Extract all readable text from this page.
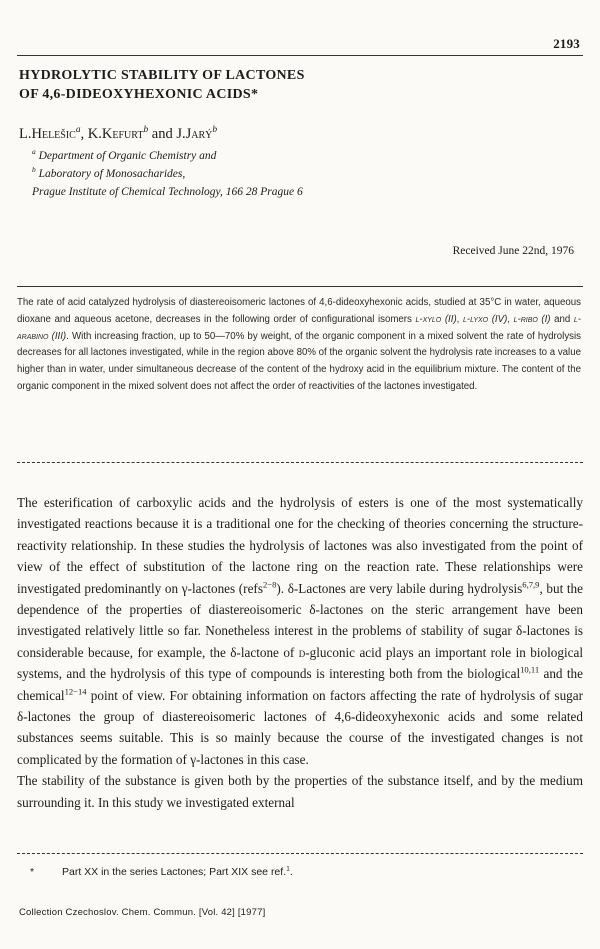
2193
HYDROLYTIC STABILITY OF LACTONES
OF 4,6-DIDEOXYHEXONIC ACIDS*
L.Helešic$^a$, K.Kefurt$^b$ and J.Jarý$^b$
$^a$ Department of Organic Chemistry and
$^b$ Laboratory of Monosacharides,
Prague Institute of Chemical Technology, 166 28 Prague 6
Received June 22nd, 1976
The rate of acid catalyzed hydrolysis of diastereoisomeric lactones of 4,6-dideoxyhexonic acids, studied at 35°C in water, aqueous dioxane and aqueous acetone, decreases in the following order of configurational isomers l-xylo (II), l-lyxo (IV), l-ribo (I) and l-arabino (III). With increasing fraction, up to 50—70% by weight, of the organic component in a mixed solvent the rate of hydrolysis decreases for all lactones investigated, while in the region above 80% of the organic solvent the hydrolysis rate increases to a value higher than in water, under simultaneous decrease of the content of the hydroxy acid in the equilibrium mixture. The content of the organic component in the mixed solvent does not affect the order of reactivities of the lactones investigated.

The esterification of carboxylic acids and the hydrolysis of esters is one of the most systematically investigated reactions because it is a traditional one for the checking of theories concerning the structure-reactivity relationship. In these studies the hydrolysis of lactones was also investigated from the point of view of the effect of substitution of the lactone ring on the reaction rate. These relationships were investigated predominantly on γ-lactones (refs$^{2-8}$). δ-Lactones are very labile during hydrolysis$^{6,7,9}$, but the dependence of the properties of diastereoisomeric δ-lactones on the steric arrangement have been investigated relatively little so far. Nonetheless interest in the problems of stability of sugar δ-lactones is considerable because, for example, the δ-lactone of d-gluconic acid plays an important role in biological systems, and the hydrolysis of this type of compounds is interesting both from the biological$^{10,11}$ and the chemical$^{12-14}$ point of view. For obtaining information on factors affecting the rate of hydrolysis of sugar δ-lactones the group of diastereoisomeric lactones of 4,6-dideoxyhexonic acids and some related substances seems suitable. This is so mainly because the course of the investigated changes is not complicated by the formation of γ-lactones in this case.

The stability of the substance is given both by the properties of the substance itself, and by the medium surrounding it. In this study we investigated external

*	Part XX in the series Lactones; Part XIX see ref.$^1$.
Collection Czechoslov. Chem. Commun. [Vol. 42] [1977]
